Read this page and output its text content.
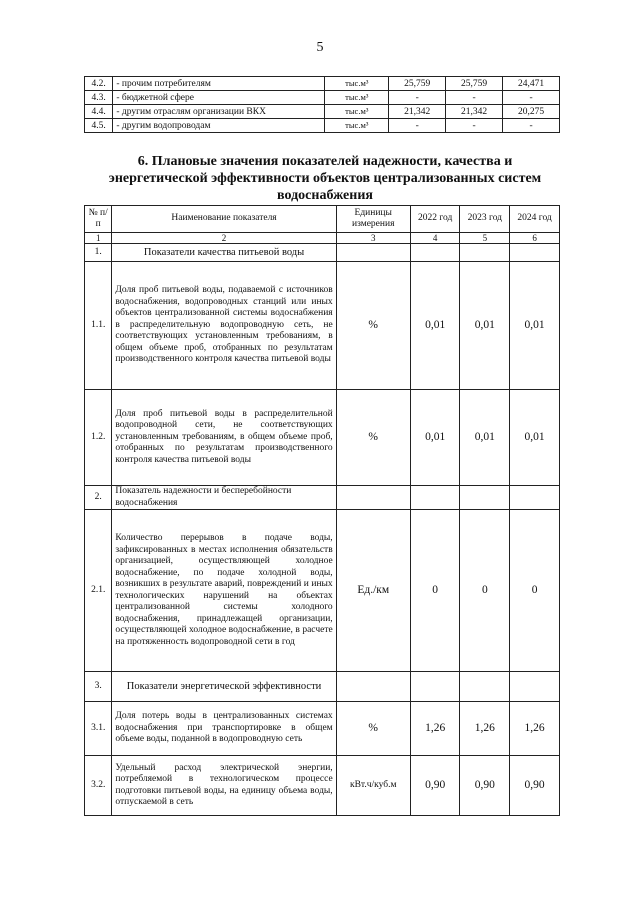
5
4.2.	- прочим потребителям	тыс.м³	25,759	25,759	24,471
4.3.	- бюджетной сфере	тыс.м³	-	-	-
4.4.	- другим отраслям организации ВКХ	тыс.м³	21,342	21,342	20,275
4.5.	- другим водопроводам	тыс.м³	-	-	-
6. Плановые значения показателей надежности, качества и энергетической эффективности объектов централизованных систем водоснабжения
№ п/п	Наименование показателя	Единицы измерения	2022 год	2023 год	2024 год
1	2	3	4	5	6
1.	Показатели качества питьевой воды				
1.1.	Доля проб питьевой воды, подаваемой с источников водоснабжения, водопроводных станций или иных объектов централизованной системы водоснабжения в распределительную водопроводную сеть, не соответствующих установленным требованиям, в общем объеме проб, отобранных по результатам производственного контроля качества питьевой воды	%	0,01	0,01	0,01
1.2.	Доля проб питьевой воды в распределительной водопроводной сети, не соответствующих установленным требованиям, в общем объеме проб, отобранных по результатам производственного контроля качества питьевой воды	%	0,01	0,01	0,01
2.	Показатель надежности и бесперебойности водоснабжения				
2.1.	Количество перерывов в подаче воды, зафиксированных в местах исполнения обязательств организацией, осуществляющей холодное водоснабжение, по подаче холодной воды, возникших в результате аварий, повреждений и иных технологических нарушений на объектах централизованной системы холодного водоснабжения, принадлежащей организации, осуществляющей холодное водоснабжение, в расчете на протяженность водопроводной сети в год	Ед./км	0	0	0
3.	Показатели энергетической эффективности				
3.1.	Доля потерь воды в централизованных системах водоснабжения при транспортировке в общем объеме воды, поданной в водопроводную сеть	%	1,26	1,26	1,26
3.2.	Удельный расход электрической энергии, потребляемой в технологическом процессе подготовки питьевой воды, на единицу объема воды, отпускаемой в сеть	кВт.ч/куб.м	0,90	0,90	0,90
